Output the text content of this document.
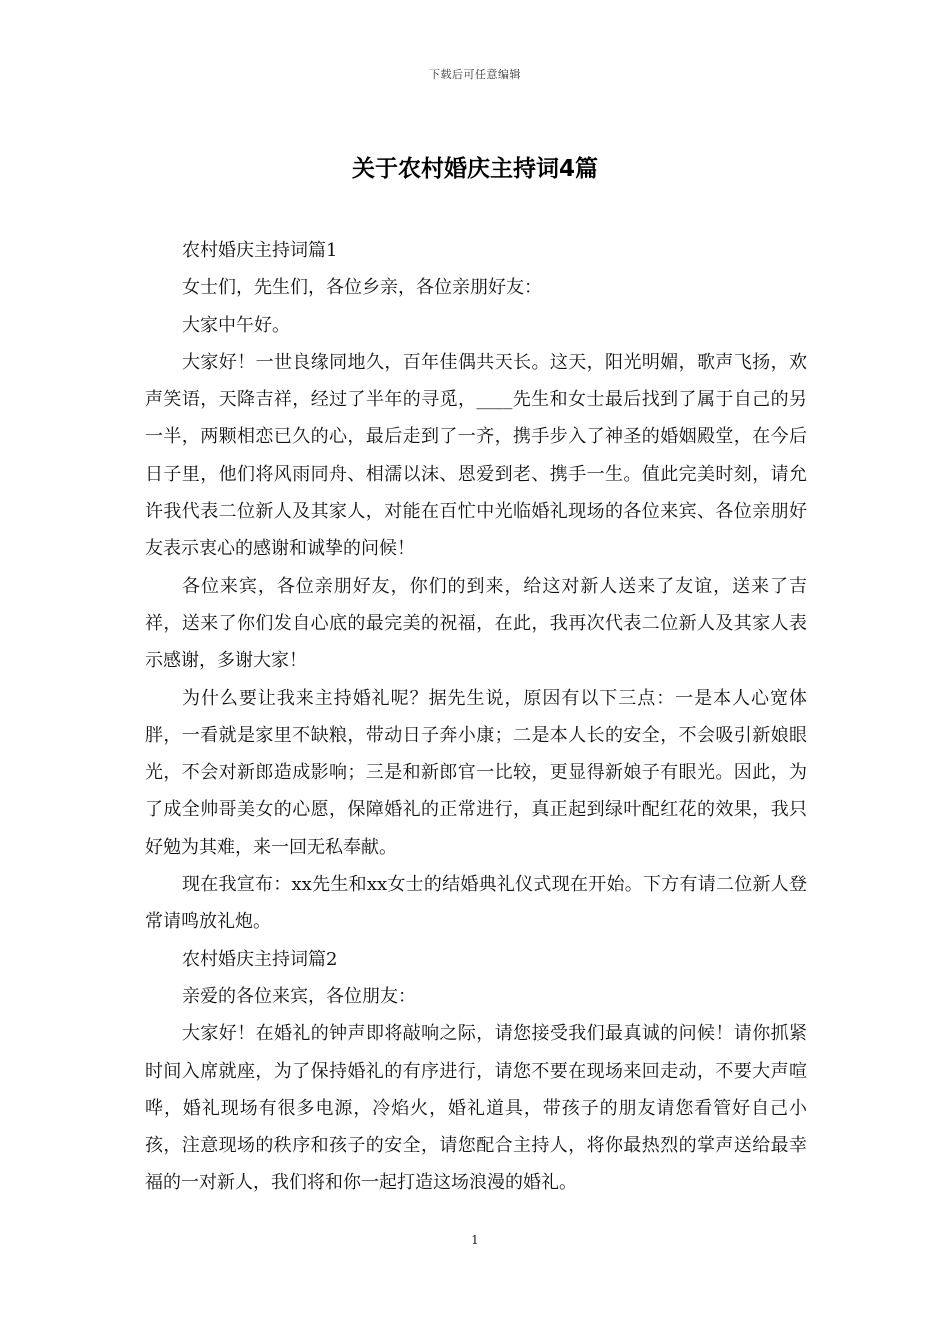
下载后可任意编辑
关于农村婚庆主持词4篇

农村婚庆主持词篇1

女士们，先生们，各位乡亲，各位亲朋好友：

大家中午好。

大家好！一世良缘同地久，百年佳偶共天长。这天，阳光明媚，歌声飞扬，欢声笑语，天降吉祥，经过了半年的寻觅，____先生和女士最后找到了属于自己的另一半，两颗相恋已久的心，最后走到了一齐，携手步入了神圣的婚姻殿堂，在今后日子里，他们将风雨同舟、相濡以沫、恩爱到老、携手一生。值此完美时刻，请允许我代表二位新人及其家人，对能在百忙中光临婚礼现场的各位来宾、各位亲朋好友表示衷心的感谢和诚挚的问候！

各位来宾，各位亲朋好友，你们的到来，给这对新人送来了友谊，送来了吉祥，送来了你们发自心底的最完美的祝福，在此，我再次代表二位新人及其家人表示感谢，多谢大家！

为什么要让我来主持婚礼呢？据先生说，原因有以下三点：一是本人心宽体胖，一看就是家里不缺粮，带动日子奔小康；二是本人长的安全，不会吸引新娘眼光，不会对新郎造成影响；三是和新郎官一比较，更显得新娘子有眼光。因此，为了成全帅哥美女的心愿，保障婚礼的正常进行，真正起到绿叶配红花的效果，我只好勉为其难，来一回无私奉献。

现在我宣布：xx先生和xx女士的结婚典礼仪式现在开始。下方有请二位新人登常请鸣放礼炮。

农村婚庆主持词篇2

亲爱的各位来宾，各位朋友：

大家好！在婚礼的钟声即将敲响之际，请您接受我们最真诚的问候！请你抓紧时间入席就座，为了保持婚礼的有序进行，请您不要在现场来回走动，不要大声喧哗，婚礼现场有很多电源，冷焰火，婚礼道具，带孩子的朋友请您看管好自己小孩，注意现场的秩序和孩子的安全，请您配合主持人，将你最热烈的掌声送给最幸福的一对新人，我们将和你一起打造这场浪漫的婚礼。

1
